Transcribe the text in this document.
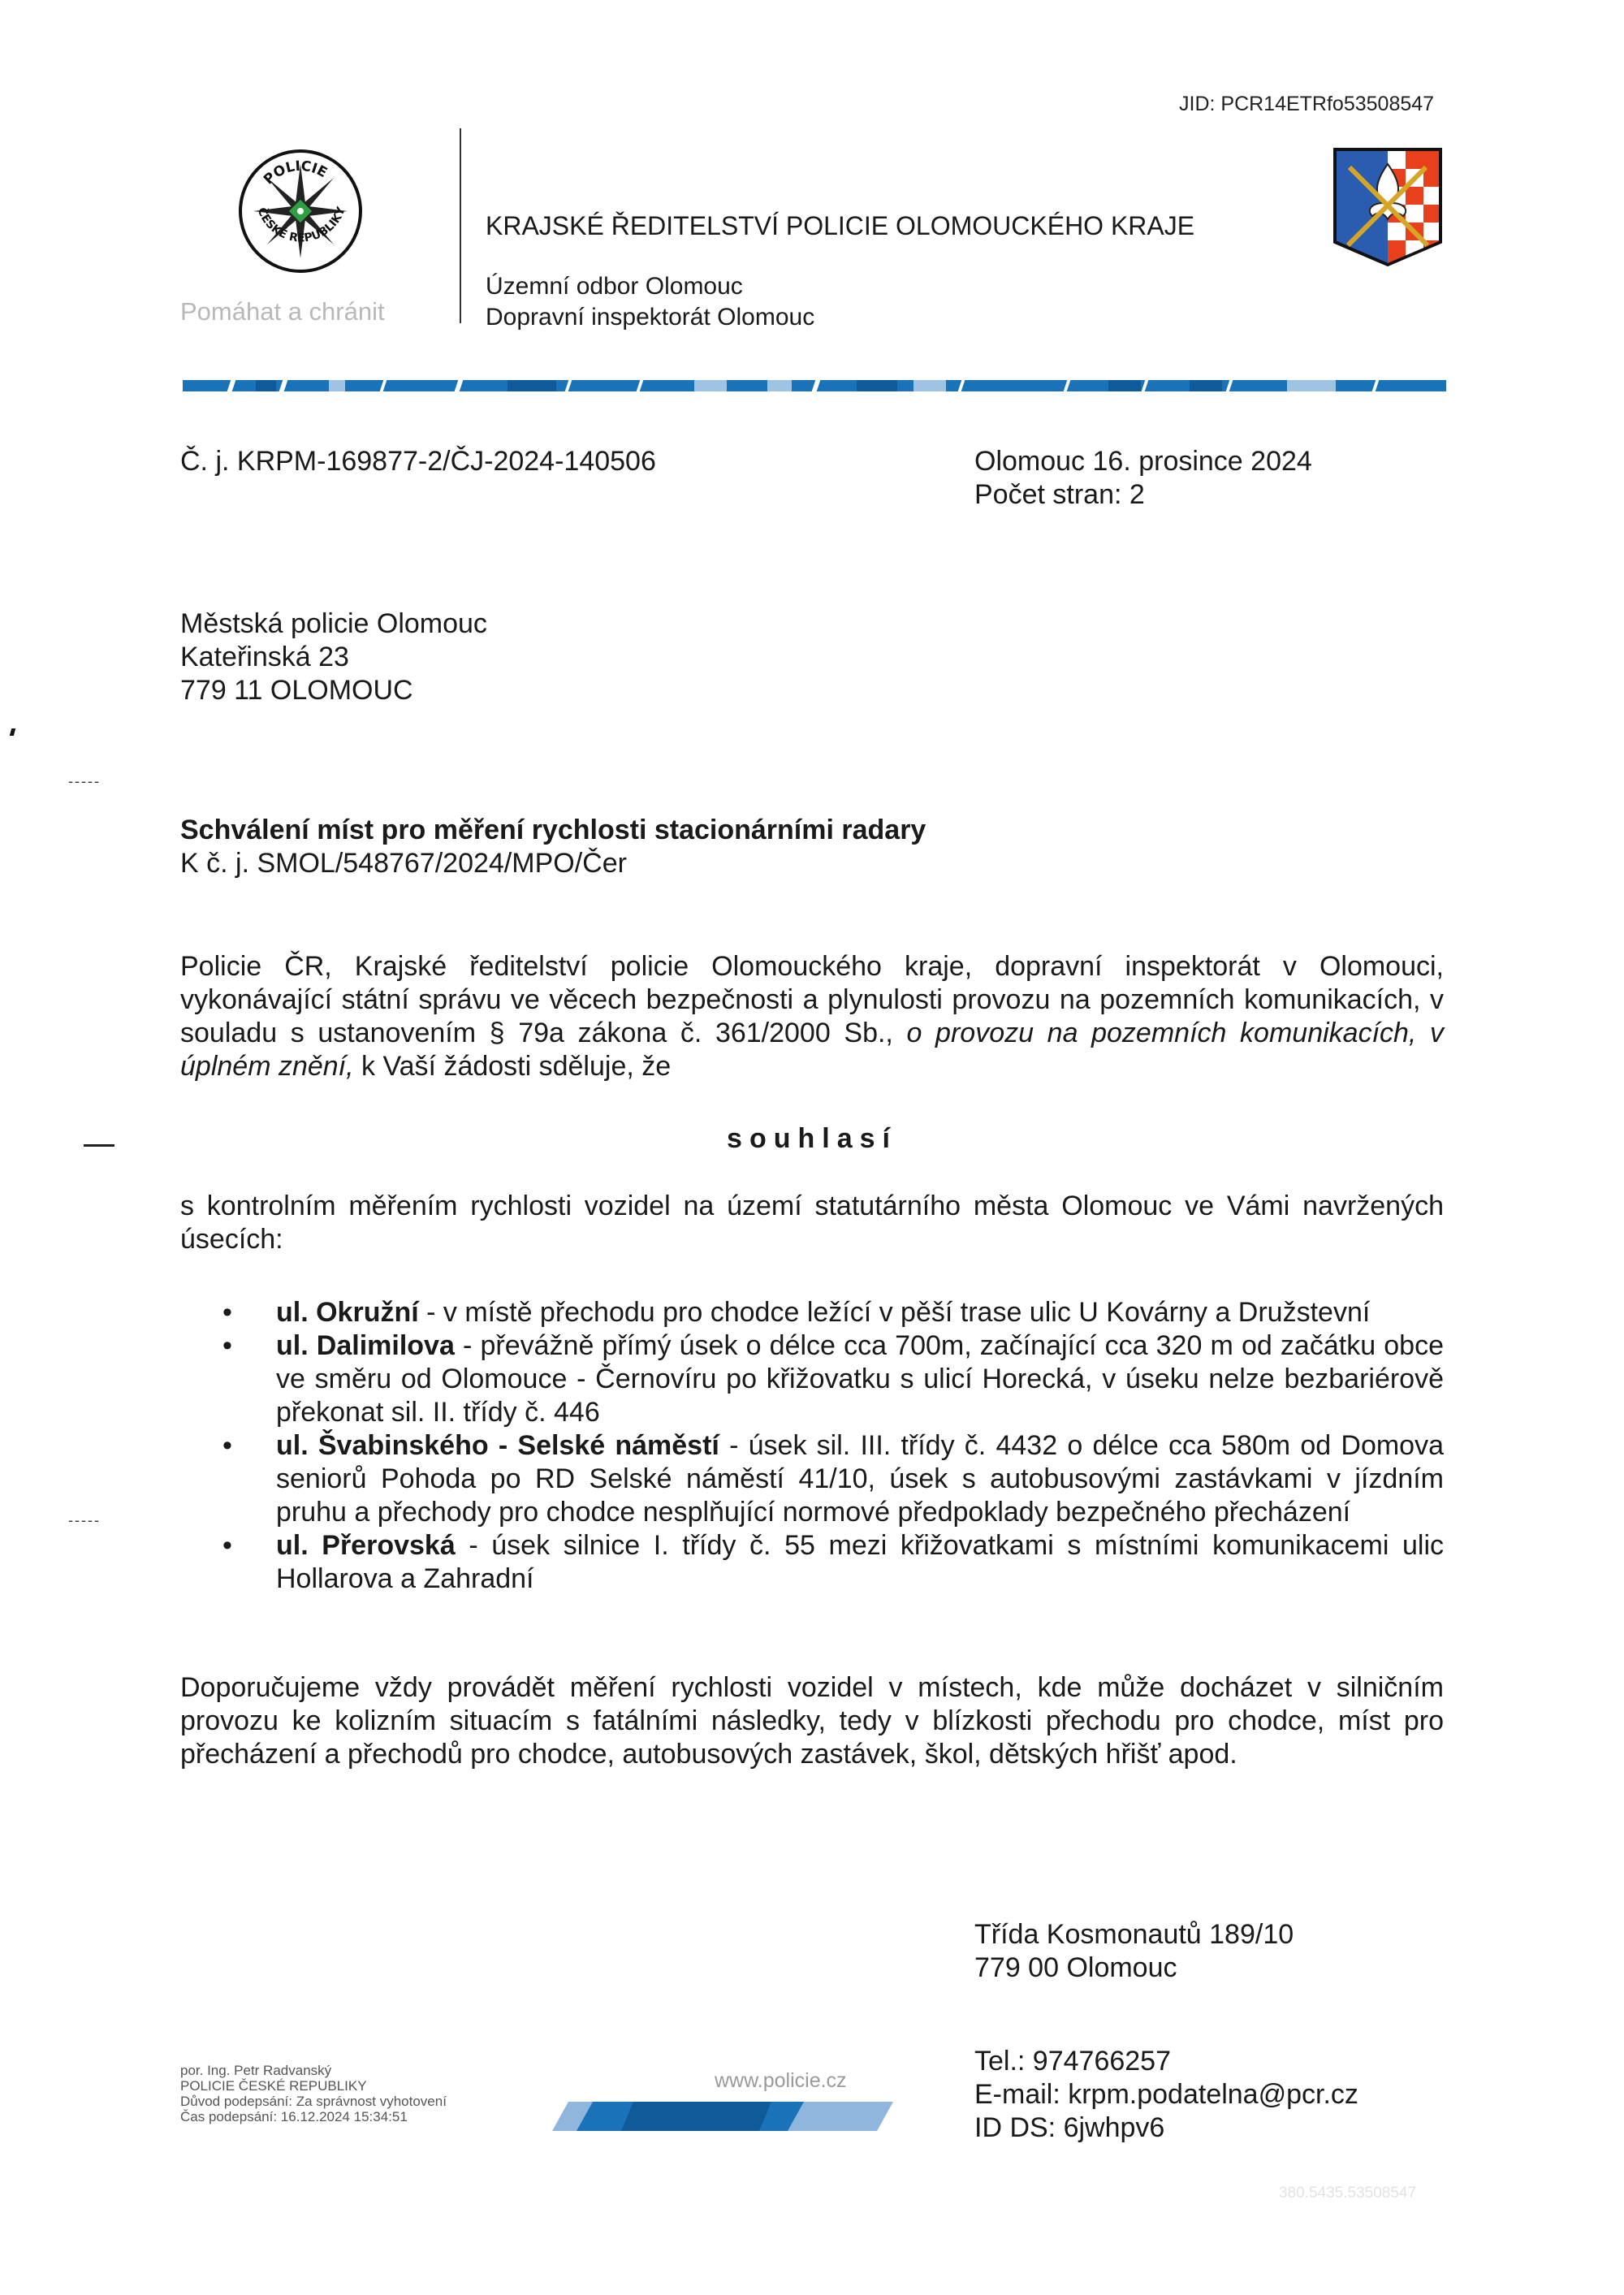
JID: PCR14ETRfo53508547
POLICIE
ČESKÉ REPUBLIKY
Pomáhat a chránit
KRAJSKÉ ŘEDITELSTVÍ POLICIE OLOMOUCKÉHO KRAJE
Územní odbor Olomouc
Dopravní inspektorát Olomouc
Č. j. KRPM-169877-2/ČJ-2024-140506	Olomouc 16. prosince 2024
Počet stran: 2
Městská policie Olomouc
Kateřinská 23
779 11 OLOMOUC
-----
-----
Schválení míst pro měření rychlosti stacionárními radary
K č. j. SMOL/548767/2024/MPO/Čer
Policie ČR, Krajské ředitelství policie Olomouckého kraje, dopravní inspektorát v Olomouci, vykonávající státní správu ve věcech bezpečnosti a plynulosti provozu na pozemních komunikacích, v souladu s ustanovením § 79a zákona č. 361/2000 Sb., o provozu na pozemních komunikacích, v úplném znění, k Vaší žádosti sděluje, že
souhlasí
s kontrolním měřením rychlosti vozidel na území statutárního města Olomouc ve Vámi navržených úsecích:
• ul. Okružní - v místě přechodu pro chodce ležící v pěší trase ulic U Kovárny a Družstevní
• ul. Dalimilova - převážně přímý úsek o délce cca 700m, začínající cca 320 m od začátku obce ve směru od Olomouce - Černovíru po křižovatku s ulicí Horecká, v úseku nelze bezbariérově překonat sil. II. třídy č. 446
• ul. Švabinského - Selské náměstí - úsek sil. III. třídy č. 4432 o délce cca 580m od Domova seniorů Pohoda po RD Selské náměstí 41/10, úsek s autobusovými zastávkami v jízdním pruhu a přechody pro chodce nesplňující normové předpoklady bezpečného přecházení
• ul. Přerovská - úsek silnice I. třídy č. 55 mezi křižovatkami s místními komunikacemi ulic Hollarova a Zahradní
Doporučujeme vždy provádět měření rychlosti vozidel v místech, kde může docházet v silničním provozu ke kolizním situacím s fatálními následky, tedy v blízkosti přechodu pro chodce, míst pro přecházení a přechodů pro chodce, autobusových zastávek, škol, dětských hřišť apod.
Třída Kosmonautů 189/10
779 00 Olomouc
Tel.: 974766257
E-mail: krpm.podatelna@pcr.cz
ID DS: 6jwhpv6
por. Ing. Petr Radvanský
POLICIE ČESKÉ REPUBLIKY
Důvod podepsání: Za správnost vyhotovení
Čas podepsání: 16.12.2024 15:34:51
www.policie.cz
380.5435.53508547
